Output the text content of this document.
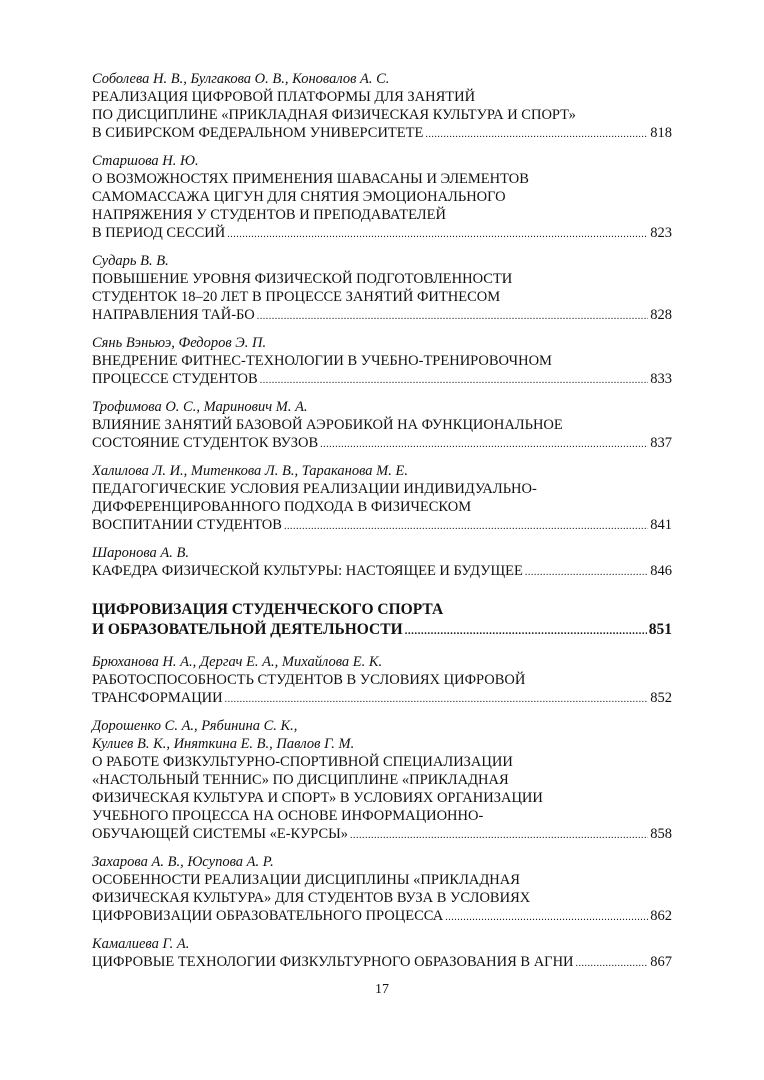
Соболева Н. В., Булгакова О. В., Коновалов А. С.
РЕАЛИЗАЦИЯ ЦИФРОВОЙ ПЛАТФОРМЫ ДЛЯ ЗАНЯТИЙ
ПО ДИСЦИПЛИНЕ «ПРИКЛАДНАЯ ФИЗИЧЕСКАЯ КУЛЬТУРА И СПОРТ»
В СИБИРСКОМ ФЕДЕРАЛЬНОМ УНИВЕРСИТЕТЕ .....	818
Старшова Н. Ю.
О ВОЗМОЖНОСТЯХ ПРИМЕНЕНИЯ ШАВАСАНЫ И ЭЛЕМЕНТОВ
САМОМАССАЖА ЦИГУН ДЛЯ СНЯТИЯ ЭМОЦИОНАЛЬНОГО
НАПРЯЖЕНИЯ У СТУДЕНТОВ И ПРЕПОДАВАТЕЛЕЙ
В ПЕРИОД СЕССИЙ .....	823
Сударь В. В.
ПОВЫШЕНИЕ УРОВНЯ ФИЗИЧЕСКОЙ ПОДГОТОВЛЕННОСТИ
СТУДЕНТОК 18–20 ЛЕТ В ПРОЦЕССЕ ЗАНЯТИЙ ФИТНЕСОМ
НАПРАВЛЕНИЯ ТАЙ-БО .....	828
Сянь Вэньюэ, Федоров Э. П.
ВНЕДРЕНИЕ ФИТНЕС-ТЕХНОЛОГИИ В УЧЕБНО-ТРЕНИРОВОЧНОМ
ПРОЦЕССЕ СТУДЕНТОВ .....	833
Трофимова О. С., Маринович М. А.
ВЛИЯНИЕ ЗАНЯТИЙ БАЗОВОЙ АЭРОБИКОЙ НА ФУНКЦИОНАЛЬНОЕ
СОСТОЯНИЕ СТУДЕНТОК ВУЗОВ .....	837
Халилова Л. И., Митенкова Л. В., Тараканова М. Е.
ПЕДАГОГИЧЕСКИЕ УСЛОВИЯ РЕАЛИЗАЦИИ ИНДИВИДУАЛЬНО-
ДИФФЕРЕНЦИРОВАННОГО ПОДХОДА В ФИЗИЧЕСКОМ
ВОСПИТАНИИ СТУДЕНТОВ .....	841
Шаронова А. В.
КАФЕДРА ФИЗИЧЕСКОЙ КУЛЬТУРЫ: НАСТОЯЩЕЕ И БУДУЩЕЕ .....	846
ЦИФРОВИЗАЦИЯ СТУДЕНЧЕСКОГО СПОРТА
И ОБРАЗОВАТЕЛЬНОЙ ДЕЯТЕЛЬНОСТИ .....	851
Брюханова Н. А., Дергач Е. А., Михайлова Е. К.
РАБОТОСПОСОБНОСТЬ СТУДЕНТОВ В УСЛОВИЯХ ЦИФРОВОЙ
ТРАНСФОРМАЦИИ .....	852
Дорошенко С. А., Рябинина С. К.,
Кулиев В. К., Иняткина Е. В., Павлов Г. М.
О РАБОТЕ ФИЗКУЛЬТУРНО-СПОРТИВНОЙ СПЕЦИАЛИЗАЦИИ
«НАСТОЛЬНЫЙ ТЕННИС» ПО ДИСЦИПЛИНЕ «ПРИКЛАДНАЯ
ФИЗИЧЕСКАЯ КУЛЬТУРА И СПОРТ» В УСЛОВИЯХ ОРГАНИЗАЦИИ
УЧЕБНОГО ПРОЦЕССА НА ОСНОВЕ ИНФОРМАЦИОННО-
ОБУЧАЮЩЕЙ СИСТЕМЫ «Е-КУРСЫ» .....	858
Захарова А. В., Юсупова А. Р.
ОСОБЕННОСТИ РЕАЛИЗАЦИИ ДИСЦИПЛИНЫ «ПРИКЛАДНАЯ
ФИЗИЧЕСКАЯ КУЛЬТУРА» ДЛЯ СТУДЕНТОВ ВУЗА В УСЛОВИЯХ
ЦИФРОВИЗАЦИИ ОБРАЗОВАТЕЛЬНОГО ПРОЦЕССА .....	862
Камалиева Г. А.
ЦИФРОВЫЕ ТЕХНОЛОГИИ ФИЗКУЛЬТУРНОГО ОБРАЗОВАНИЯ В АГНИ .....	867
17
